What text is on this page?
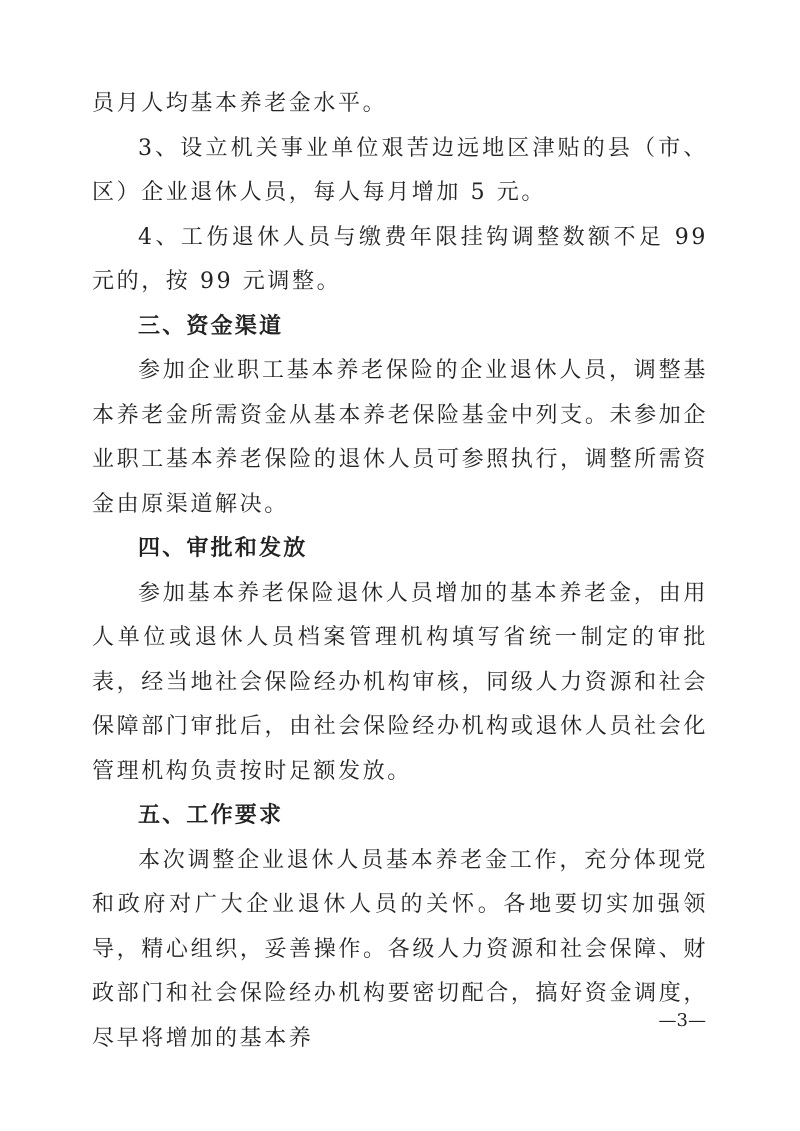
员月人均基本养老金水平。

3、设立机关事业单位艰苦边远地区津贴的县（市、区）企业退休人员，每人每月增加 5 元。

4、工伤退休人员与缴费年限挂钩调整数额不足 99 元的，按 99 元调整。

三、资金渠道

参加企业职工基本养老保险的企业退休人员，调整基本养老金所需资金从基本养老保险基金中列支。未参加企业职工基本养老保险的退休人员可参照执行，调整所需资金由原渠道解决。

四、审批和发放

参加基本养老保险退休人员增加的基本养老金，由用人单位或退休人员档案管理机构填写省统一制定的审批表，经当地社会保险经办机构审核，同级人力资源和社会保障部门审批后，由社会保险经办机构或退休人员社会化管理机构负责按时足额发放。

五、工作要求

本次调整企业退休人员基本养老金工作，充分体现党和政府对广大企业退休人员的关怀。各地要切实加强领导，精心组织，妥善操作。各级人力资源和社会保障、财政部门和社会保险经办机构要密切配合，搞好资金调度，尽早将增加的基本养

—3—
